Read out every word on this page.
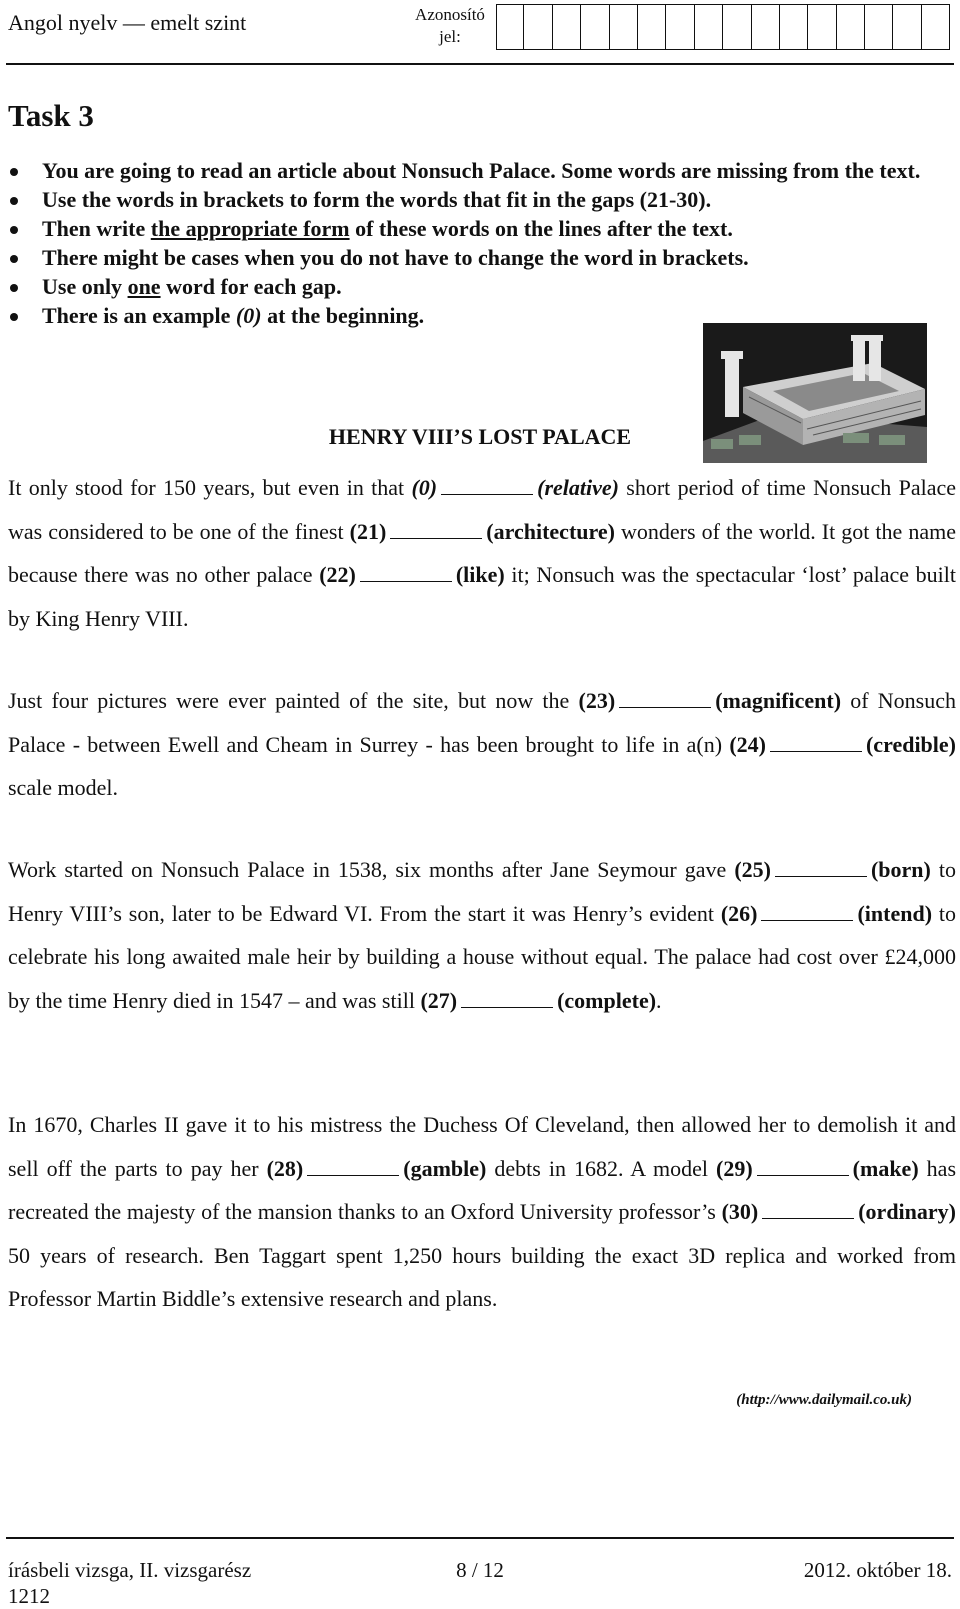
Angol nyelv — emelt szint	Azonosító jel:
Task 3
You are going to read an article about Nonsuch Palace. Some words are missing from the text.
Use the words in brackets to form the words that fit in the gaps (21-30).
Then write the appropriate form of these words on the lines after the text.
There might be cases when you do not have to change the word in brackets.
Use only one word for each gap.
There is an example (0) at the beginning.
HENRY VIII’S LOST PALACE

It only stood for 150 years, but even in that (0)	(relative) short period of time Nonsuch Palace was considered to be one of the finest (21)	(architecture) wonders of the world. It got the name because there was no other palace (22)	(like) it; Nonsuch was the spectacular ‘lost’ palace built by King Henry VIII.

Just four pictures were ever painted of the site, but now the (23)	(magnificent) of Nonsuch Palace - between Ewell and Cheam in Surrey - has been brought to life in a(n) (24)	(credible) scale model.

Work started on Nonsuch Palace in 1538, six months after Jane Seymour gave (25)	(born) to Henry VIII’s son, later to be Edward VI. From the start it was Henry’s evident (26)	(intend) to celebrate his long awaited male heir by building a house without equal. The palace had cost over £24,000 by the time Henry died in 1547 – and was still (27)	(complete).

In 1670, Charles II gave it to his mistress the Duchess Of Cleveland, then allowed her to demolish it and sell off the parts to pay her (28)	(gamble) debts in 1682. A model (29)	(make) has recreated the majesty of the mansion thanks to an Oxford University professor’s (30)	(ordinary) 50 years of research. Ben Taggart spent 1,250 hours building the exact 3D replica and worked from Professor Martin Biddle’s extensive research and plans.

(http://www.dailymail.co.uk)
írásbeli vizsga, II. vizsgarész
1212
8 / 12	2012. október 18.
